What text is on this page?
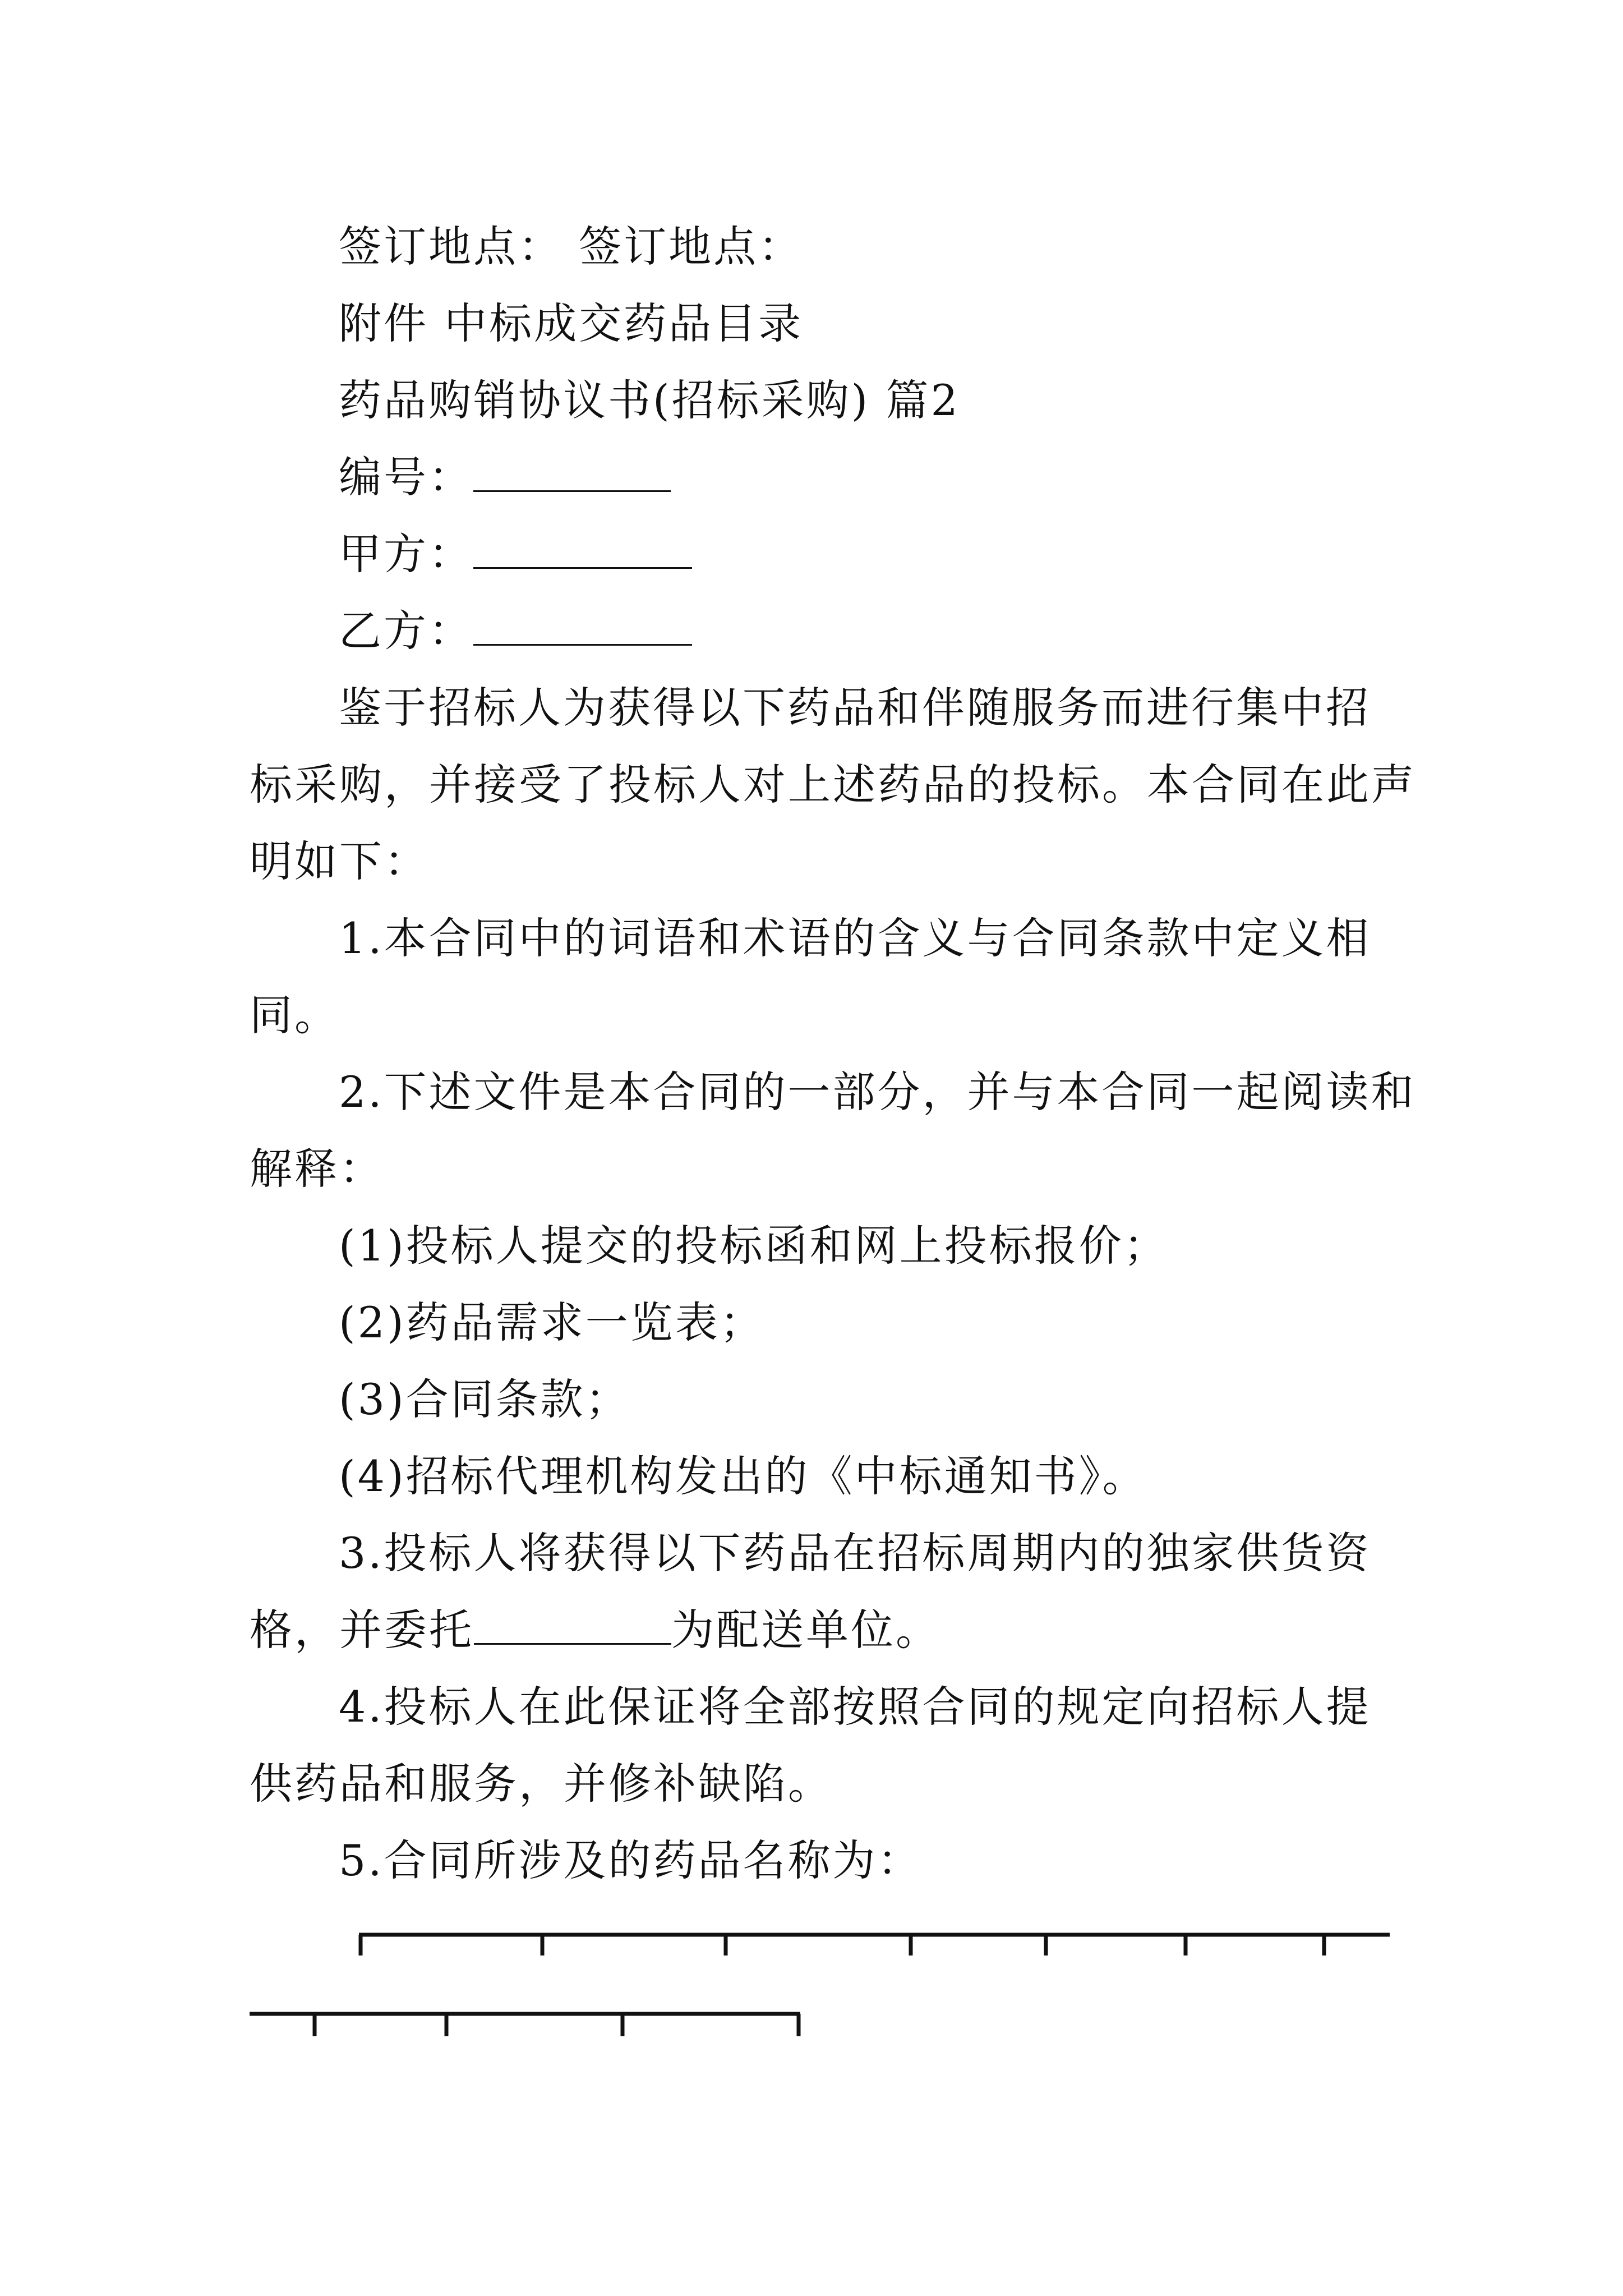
签订地点： 签订地点：
附件 中标成交药品目录
药品购销协议书(招标采购) 篇2
编号：
甲方：
乙方：
鉴于招标人为获得以下药品和伴随服务而进行集中招
标采购，并接受了投标人对上述药品的投标。本合同在此声
明如下：
1.本合同中的词语和术语的含义与合同条款中定义相
同。
2.下述文件是本合同的一部分，并与本合同一起阅读和
解释：
(1)投标人提交的投标函和网上投标报价；
(2)药品需求一览表；
(3)合同条款；
(4)招标代理机构发出的《中标通知书》。
3.投标人将获得以下药品在招标周期内的独家供货资
格，并委托	为配送单位。
4.投标人在此保证将全部按照合同的规定向招标人提
供药品和服务，并修补缺陷。
5.合同所涉及的药品名称为：
